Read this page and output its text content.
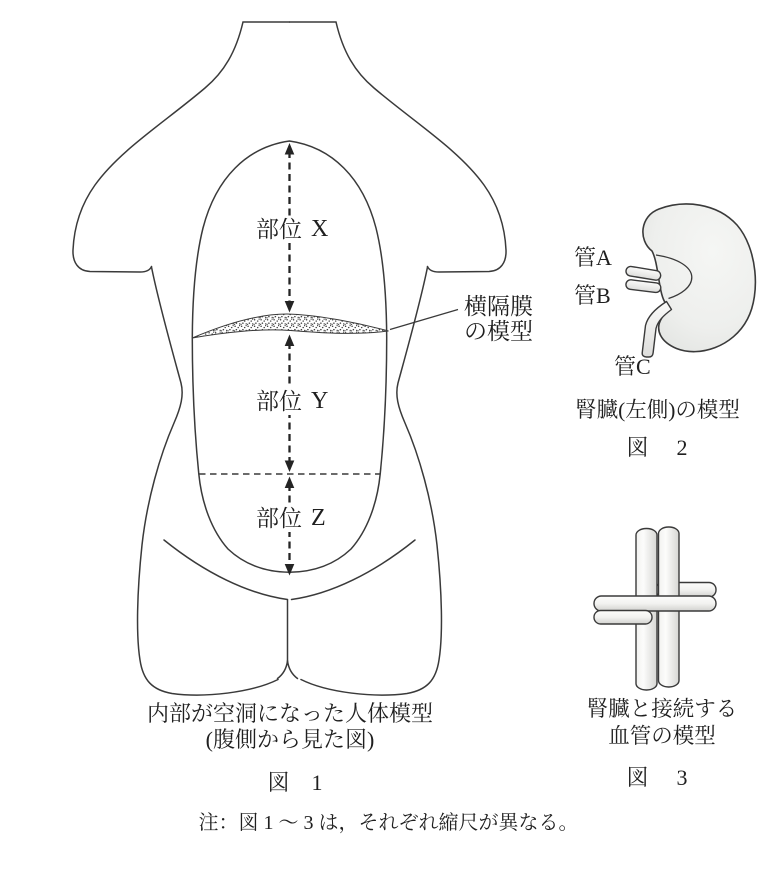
部位 X
部位 Y
部位 Z
横隔膜
の模型
内部が空洞になった人体模型
(腹側から見た図)
図 1
管A
管B
管C
腎臓(左側)の模型
図 2
腎臓と接続する
血管の模型
図 3
注：図 1 ～ 3 は，それぞれ縮尺が異なる。
